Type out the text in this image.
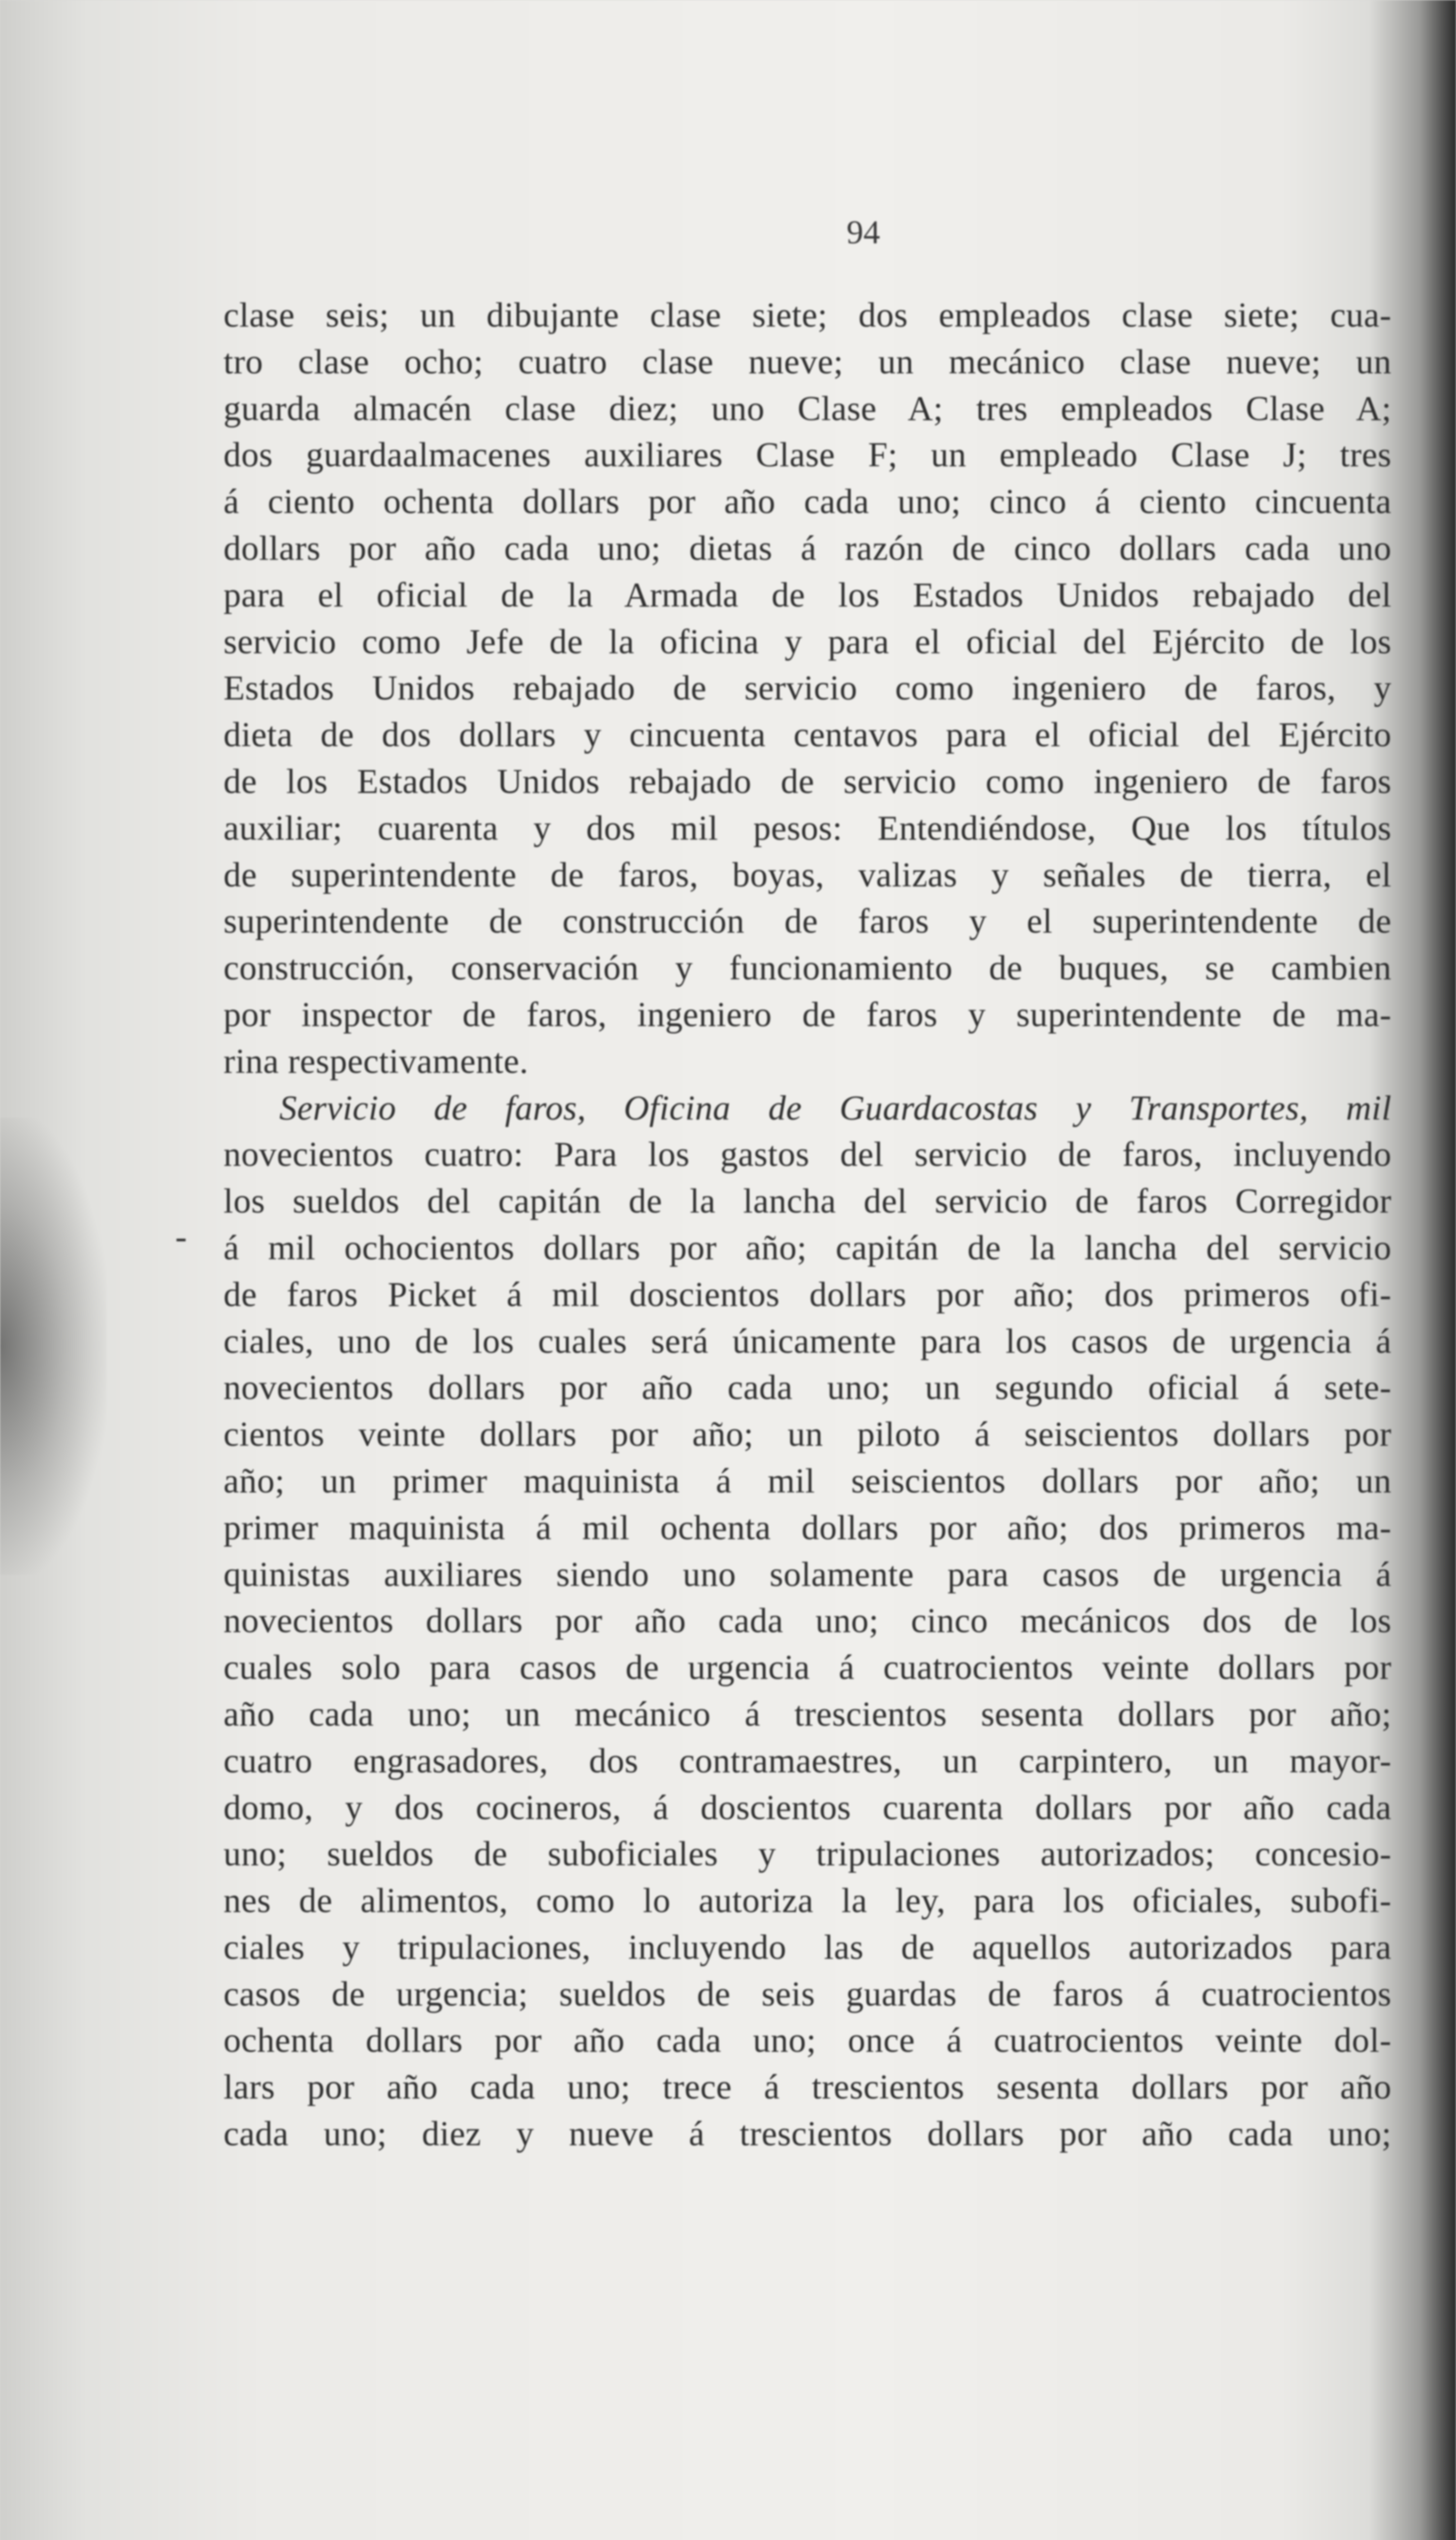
94
-
clase seis; un dibujante clase siete; dos empleados clase siete; cua-
tro clase ocho; cuatro clase nueve; un mecánico clase nueve; un
guarda almacén clase diez; uno Clase A; tres empleados Clase A;
dos guardaalmacenes auxiliares Clase F; un empleado Clase J; tres
á ciento ochenta dollars por año cada uno; cinco á ciento cincuenta
dollars por año cada uno; dietas á razón de cinco dollars cada uno
para el oficial de la Armada de los Estados Unidos rebajado del
servicio como Jefe de la oficina y para el oficial del Ejército de los
Estados Unidos rebajado de servicio como ingeniero de faros, y
dieta de dos dollars y cincuenta centavos para el oficial del Ejército
de los Estados Unidos rebajado de servicio como ingeniero de faros
auxiliar; cuarenta y dos mil pesos: Entendiéndose, Que los títulos
de superintendente de faros, boyas, valizas y señales de tierra, el
superintendente de construcción de faros y el superintendente de
construcción, conservación y funcionamiento de buques, se cambien
por inspector de faros, ingeniero de faros y superintendente de ma-
rina respectivamente.
Servicio de faros, Oficina de Guardacostas y Transportes, mil
novecientos cuatro: Para los gastos del servicio de faros, incluyendo
los sueldos del capitán de la lancha del servicio de faros Corregidor
á mil ochocientos dollars por año; capitán de la lancha del servicio
de faros Picket á mil doscientos dollars por año; dos primeros ofi-
ciales, uno de los cuales será únicamente para los casos de urgencia á
novecientos dollars por año cada uno; un segundo oficial á sete-
cientos veinte dollars por año; un piloto á seiscientos dollars por
año; un primer maquinista á mil seiscientos dollars por año; un
primer maquinista á mil ochenta dollars por año; dos primeros ma-
quinistas auxiliares siendo uno solamente para casos de urgencia á
novecientos dollars por año cada uno; cinco mecánicos dos de los
cuales solo para casos de urgencia á cuatrocientos veinte dollars por
año cada uno; un mecánico á trescientos sesenta dollars por año;
cuatro engrasadores, dos contramaestres, un carpintero, un mayor-
domo, y dos cocineros, á doscientos cuarenta dollars por año cada
uno; sueldos de suboficiales y tripulaciones autorizados; concesio-
nes de alimentos, como lo autoriza la ley, para los oficiales, subofi-
ciales y tripulaciones, incluyendo las de aquellos autorizados para
casos de urgencia; sueldos de seis guardas de faros á cuatrocientos
ochenta dollars por año cada uno; once á cuatrocientos veinte dol-
lars por año cada uno; trece á trescientos sesenta dollars por año
cada uno; diez y nueve á trescientos dollars por año cada uno;
